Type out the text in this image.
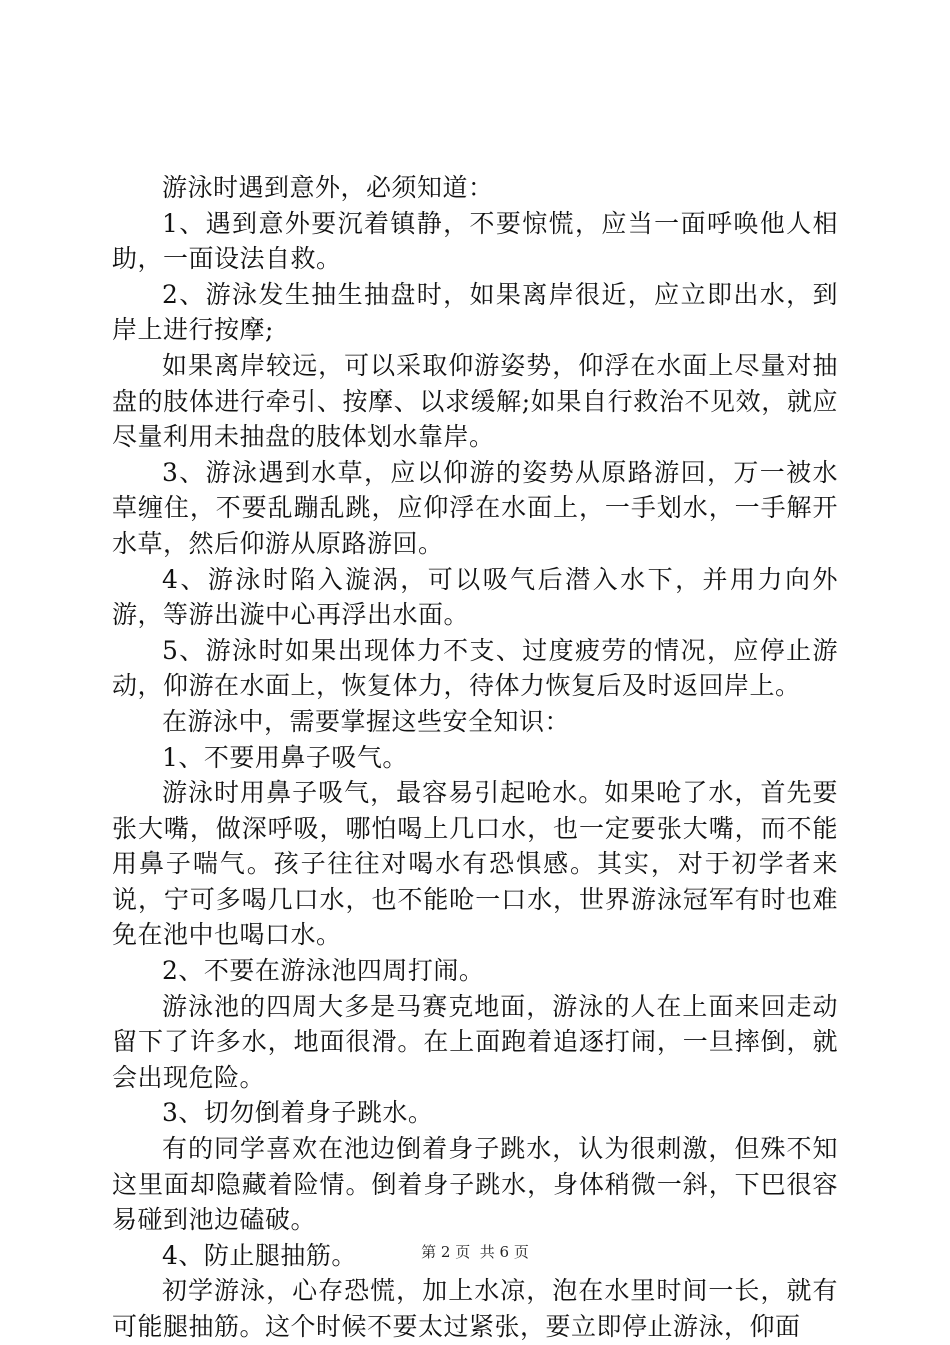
游泳时遇到意外，必须知道：

1、遇到意外要沉着镇静，不要惊慌，应当一面呼唤他人相助，一面设法自救。

2、游泳发生抽生抽盘时，如果离岸很近，应立即出水，到岸上进行按摩;

如果离岸较远，可以采取仰游姿势，仰浮在水面上尽量对抽盘的肢体进行牵引、按摩、以求缓解;如果自行救治不见效，就应尽量利用未抽盘的肢体划水靠岸。

3、游泳遇到水草，应以仰游的姿势从原路游回，万一被水草缠住，不要乱蹦乱跳，应仰浮在水面上，一手划水，一手解开水草，然后仰游从原路游回。

4、游泳时陷入漩涡，可以吸气后潜入水下，并用力向外游，等游出漩中心再浮出水面。

5、游泳时如果出现体力不支、过度疲劳的情况，应停止游动，仰游在水面上，恢复体力，待体力恢复后及时返回岸上。

在游泳中，需要掌握这些安全知识：

1、不要用鼻子吸气。

游泳时用鼻子吸气，最容易引起呛水。如果呛了水，首先要张大嘴，做深呼吸，哪怕喝上几口水，也一定要张大嘴，而不能用鼻子喘气。孩子往往对喝水有恐惧感。其实，对于初学者来说，宁可多喝几口水，也不能呛一口水，世界游泳冠军有时也难免在池中也喝口水。

2、不要在游泳池四周打闹。

游泳池的四周大多是马赛克地面，游泳的人在上面来回走动留下了许多水，地面很滑。在上面跑着追逐打闹，一旦摔倒，就会出现危险。

3、切勿倒着身子跳水。

有的同学喜欢在池边倒着身子跳水，认为很刺激，但殊不知这里面却隐藏着险情。倒着身子跳水，身体稍微一斜，下巴很容易碰到池边磕破。

4、防止腿抽筋。

初学游泳，心存恐慌，加上水凉，泡在水里时间一长，就有可能腿抽筋。这个时候不要太过紧张，要立即停止游泳，仰面

第 2 页 共 6 页
